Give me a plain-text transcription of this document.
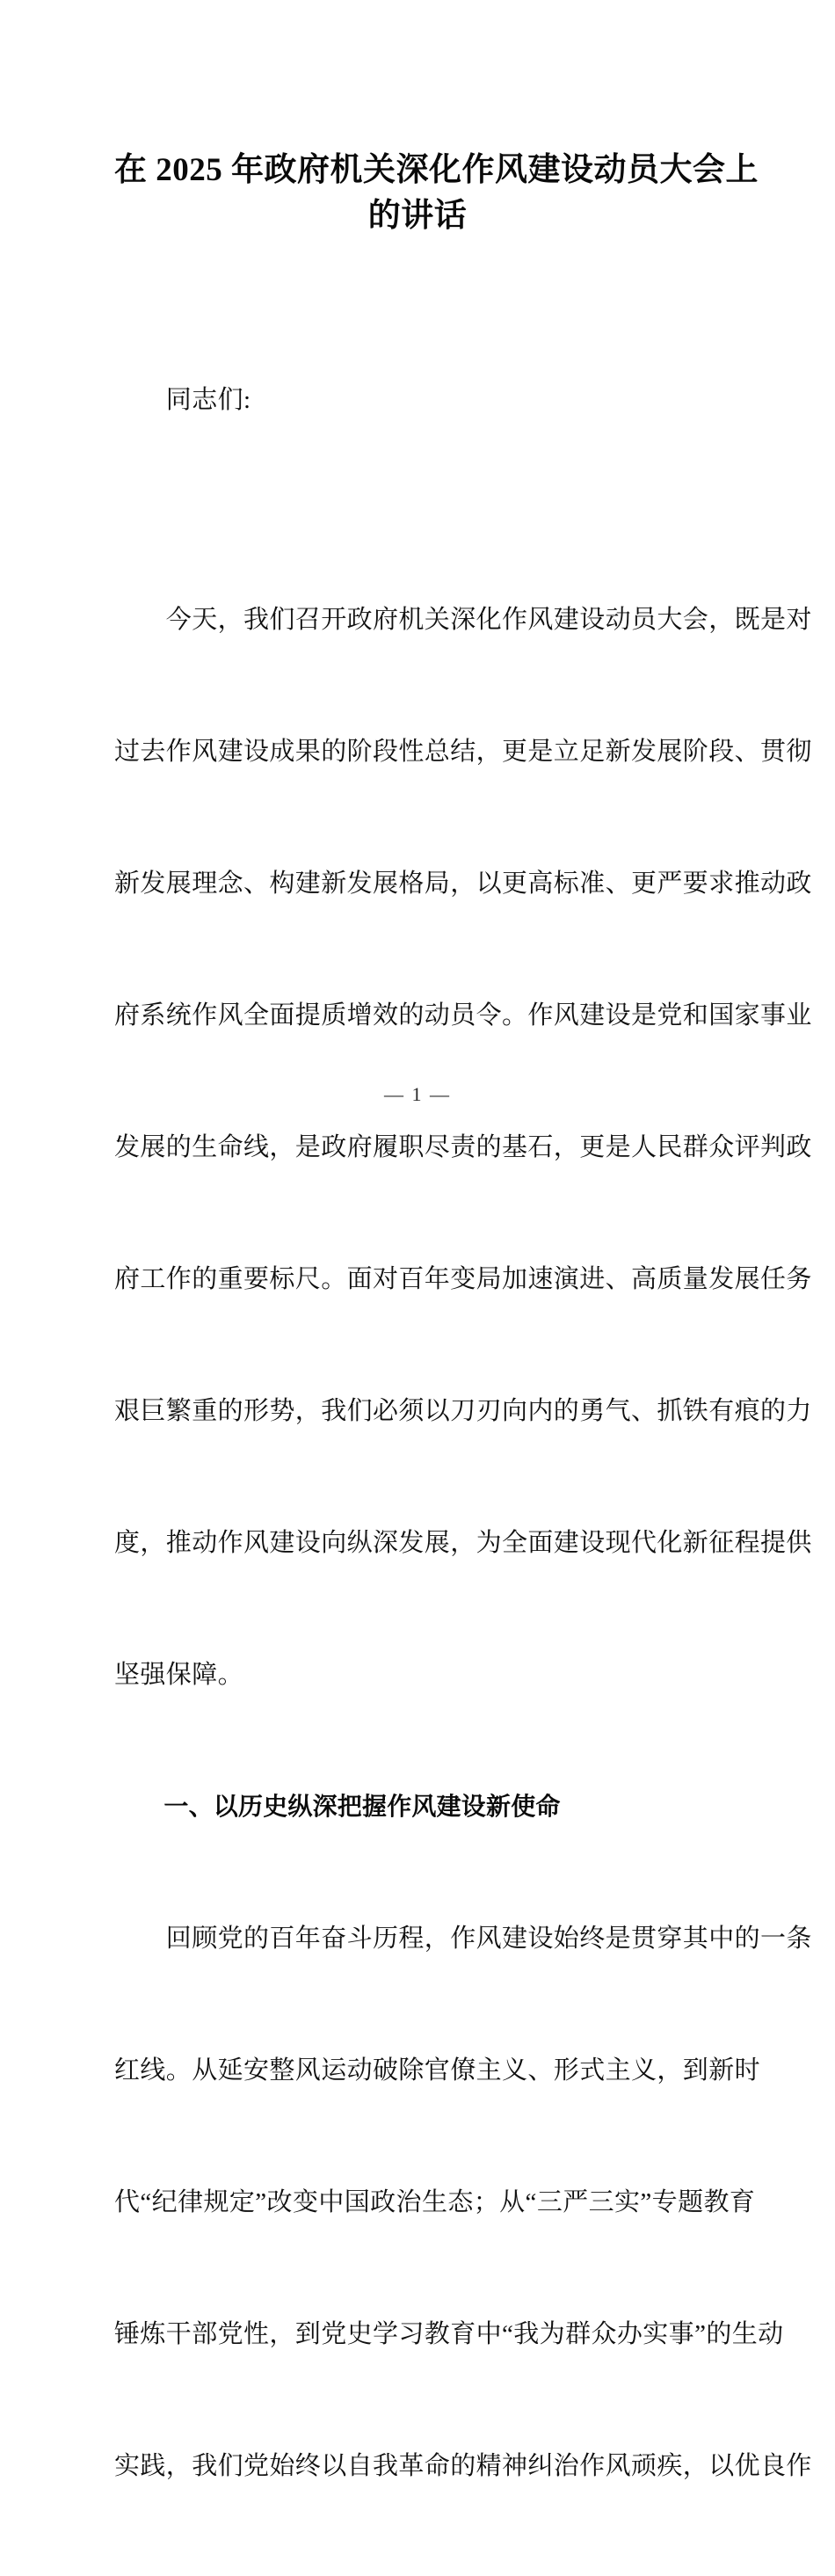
在 2025 年政府机关深化作风建设动员大会上
的讲话

　　同志们:

　　今天，我们召开政府机关深化作风建设动员大会，既是对

过去作风建设成果的阶段性总结，更是立足新发展阶段、贯彻

新发展理念、构建新发展格局，以更高标准、更严要求推动政

府系统作风全面提质增效的动员令。作风建设是党和国家事业

发展的生命线，是政府履职尽责的基石，更是人民群众评判政

府工作的重要标尺。面对百年变局加速演进、高质量发展任务

艰巨繁重的形势，我们必须以刀刃向内的勇气、抓铁有痕的力

度，推动作风建设向纵深发展，为全面建设现代化新征程提供

坚强保障。

　　一、以历史纵深把握作风建设新使命

　　回顾党的百年奋斗历程，作风建设始终是贯穿其中的一条

红线。从延安整风运动破除官僚主义、形式主义，到新时

代“纪律规定”改变中国政治生态；从“三严三实”专题教育

锤炼干部党性，到党史学习教育中“我为群众办实事”的生动

实践，我们党始终以自我革命的精神纠治作风顽疾，以优良作

— 1 —
